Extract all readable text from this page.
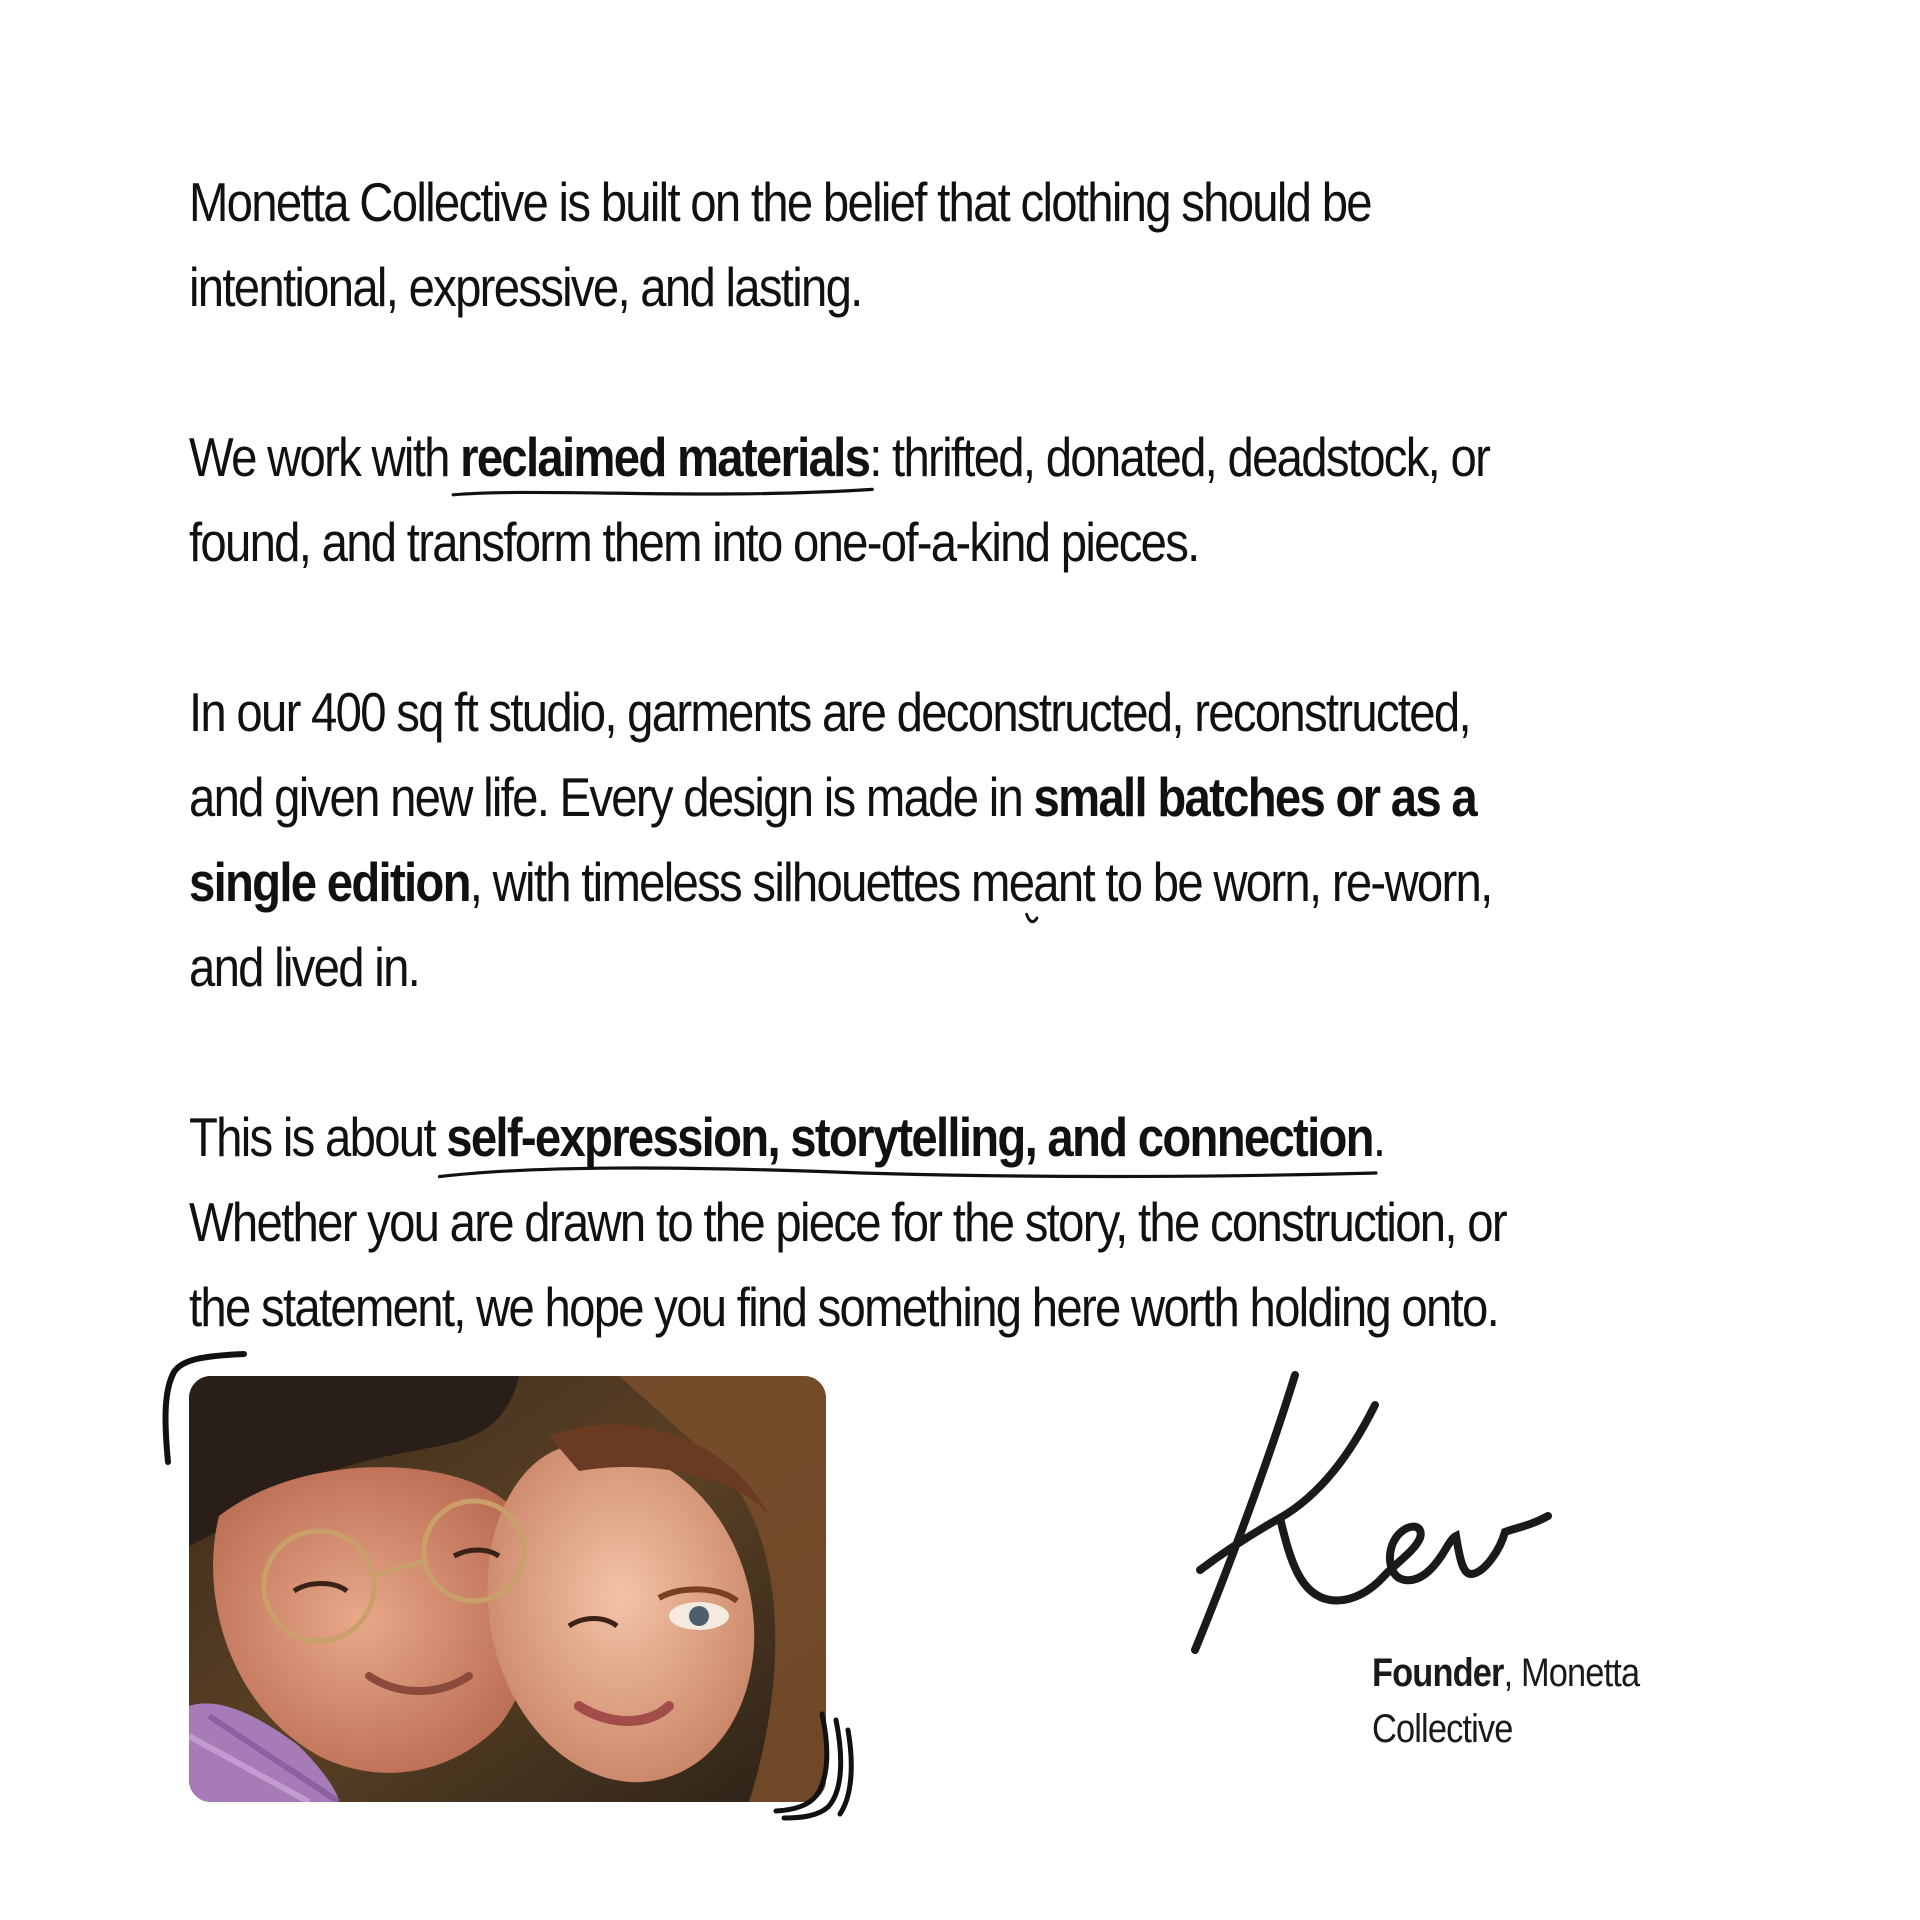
Monetta Collective is built on the belief that clothing should be intentional, expressive, and lasting.

We work with reclaimed materials
: thrifted, donated, deadstock, or found, and transform them into one-of-a-kind pieces.

In our 400 sq ft studio, garments are deconstructed, reconstructed, and given new life. Every design is made in small batches or as a single edition
, with timeless silhouettes meant to be worn, re-worn, and lived in.

This is about self-expression, storytelling, and connection
. Whether you are drawn to the piece for the story, the construction, or the statement, we hope you find something here worth holding onto.

Founder, Monetta Collective
